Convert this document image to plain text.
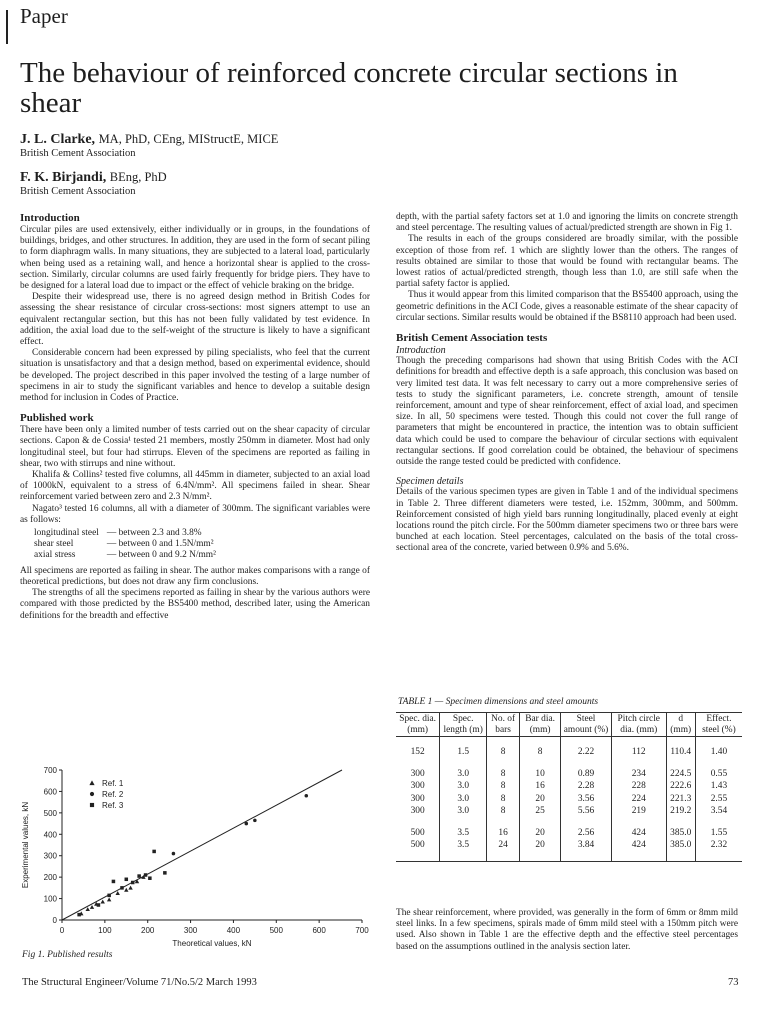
Paper
The behaviour of reinforced concrete circular sections in shear
J. L. Clarke, MA, PhD, CEng, MIStructE, MICE
British Cement Association
F. K. Birjandi, BEng, PhD
British Cement Association
Introduction

Circular piles are used extensively, either individually or in groups, in the foundations of buildings, bridges, and other structures. In addition, they are used in the form of secant piling to form diaphragm walls. In many situations, they are subjected to a lateral load, particularly when being used as a retaining wall, and hence a horizontal shear is applied to the cross-section. Similarly, circular columns are used fairly frequently for bridge piers. They have to be designed for a lateral load due to impact or the effect of vehicle braking on the bridge.

Despite their widespread use, there is no agreed design method in British Codes for assessing the shear resistance of circular cross-sections: most signers attempt to use an equivalent rectangular section, but this has not been fully validated by test evidence. In addition, the axial load due to the self-weight of the structure is likely to have a significant effect.

Considerable concern had been expressed by piling specialists, who feel that the current situation is unsatisfactory and that a design method, based on experimental evidence, should be developed. The project described in this paper involved the testing of a large number of specimens in air to study the significant variables and hence to develop a suitable design method for inclusion in Codes of Practice.

Published work

There have been only a limited number of tests carried out on the shear capacity of circular sections. Capon & de Cossia¹ tested 21 members, mostly 250mm in diameter. Most had only longitudinal steel, but four had stirrups. Eleven of the specimens are reported as failing in shear, two with stirrups and nine without.

Khalifa & Collins² tested five columns, all 445mm in diameter, subjected to an axial load of 1000kN, equivalent to a stress of 6.4N/mm². All specimens failed in shear. Shear reinforcement varied between zero and 2.3 N/mm².

Nagato³ tested 16 columns, all with a diameter of 300mm. The significant variables were as follows:

longitudinal steel	— between 2.3 and 3.8%
shear steel	— between 0 and 1.5N/mm²
axial stress	— between 0 and 9.2 N/mm²

All specimens are reported as failing in shear. The author makes comparisons with a range of theoretical predictions, but does not draw any firm conclusions.

The strengths of all the specimens reported as failing in shear by the various authors were compared with those predicted by the BS5400 method, described later, using the American definitions for the breadth and effective

0	100	200	300	400	500	600	700
0
100
200
300
400
500
600
700
Theoretical values, kN
Experimental values, kN
Ref. 1
Ref. 2
Ref. 3
Fig 1. Published results

depth, with the partial safety factors set at 1.0 and ignoring the limits on concrete strength and steel percentage. The resulting values of actual/predicted strength are shown in Fig 1.

The results in each of the groups considered are broadly similar, with the possible exception of those from ref. 1 which are slightly lower than the others. The ranges of results obtained are similar to those that would be found with rectangular beams. The lowest ratios of actual/predicted strength, though less than 1.0, are still safe when the partial safety factor is applied.

Thus it would appear from this limited comparison that the BS5400 approach, using the geometric definitions in the ACI Code, gives a reasonable estimate of the shear capacity of circular sections. Similar results would be obtained if the BS8110 approach had been used.

British Cement Association tests
Introduction

Though the preceding comparisons had shown that using British Codes with the ACI definitions for breadth and effective depth is a safe approach, this conclusion was based on very limited test data. It was felt necessary to carry out a more comprehensive series of tests to study the significant parameters, i.e. concrete strength, amount of tensile reinforcement, amount and type of shear reinforcement, effect of axial load, and specimen size. In all, 50 specimens were tested. Though this could not cover the full range of parameters that might be encountered in practice, the intention was to obtain sufficient data which could be used to compare the behaviour of circular sections with equivalent rectangular sections. If good correlation could be obtained, the behaviour of specimens outside the range tested could be predicted with confidence.

Specimen details

Details of the various specimen types are given in Table 1 and of the individual specimens in Table 2. Three different diameters were tested, i.e. 152mm, 300mm, and 500mm. Reinforcement consisted of high yield bars running longitudinally, placed evenly at eight locations round the pitch circle. For the 500mm diameter specimens two or three bars were bunched at each location. Steel percentages, calculated on the basis of the total cross-sectional area of the concrete, varied between 0.9% and 5.6%.

TABLE 1 — Specimen dimensions and steel amounts
Spec. dia. (mm)	Spec. length (m)	No. of bars	Bar dia. (mm)	Steel amount (%)	Pitch circle dia. (mm)	d (mm)	Effect. steel (%)

152	1.5	8	8	2.22	112	110.4	1.40

300	3.0	8	10	0.89	234	224.5	0.55
300	3.0	8	16	2.28	228	222.6	1.43
300	3.0	8	20	3.56	224	221.3	2.55
300	3.0	8	25	5.56	219	219.2	3.54

500	3.5	16	20	2.56	424	385.0	1.55
500	3.5	24	20	3.84	424	385.0	2.32

The shear reinforcement, where provided, was generally in the form of 6mm or 8mm mild steel links. In a few specimens, spirals made of 6mm mild steel with a 150mm pitch were used. Also shown in Table 1 are the effective depth and the effective steel percentages based on the assumptions outlined in the analysis section later.

The Structural Engineer/Volume 71/No.5/2 March 1993	73
